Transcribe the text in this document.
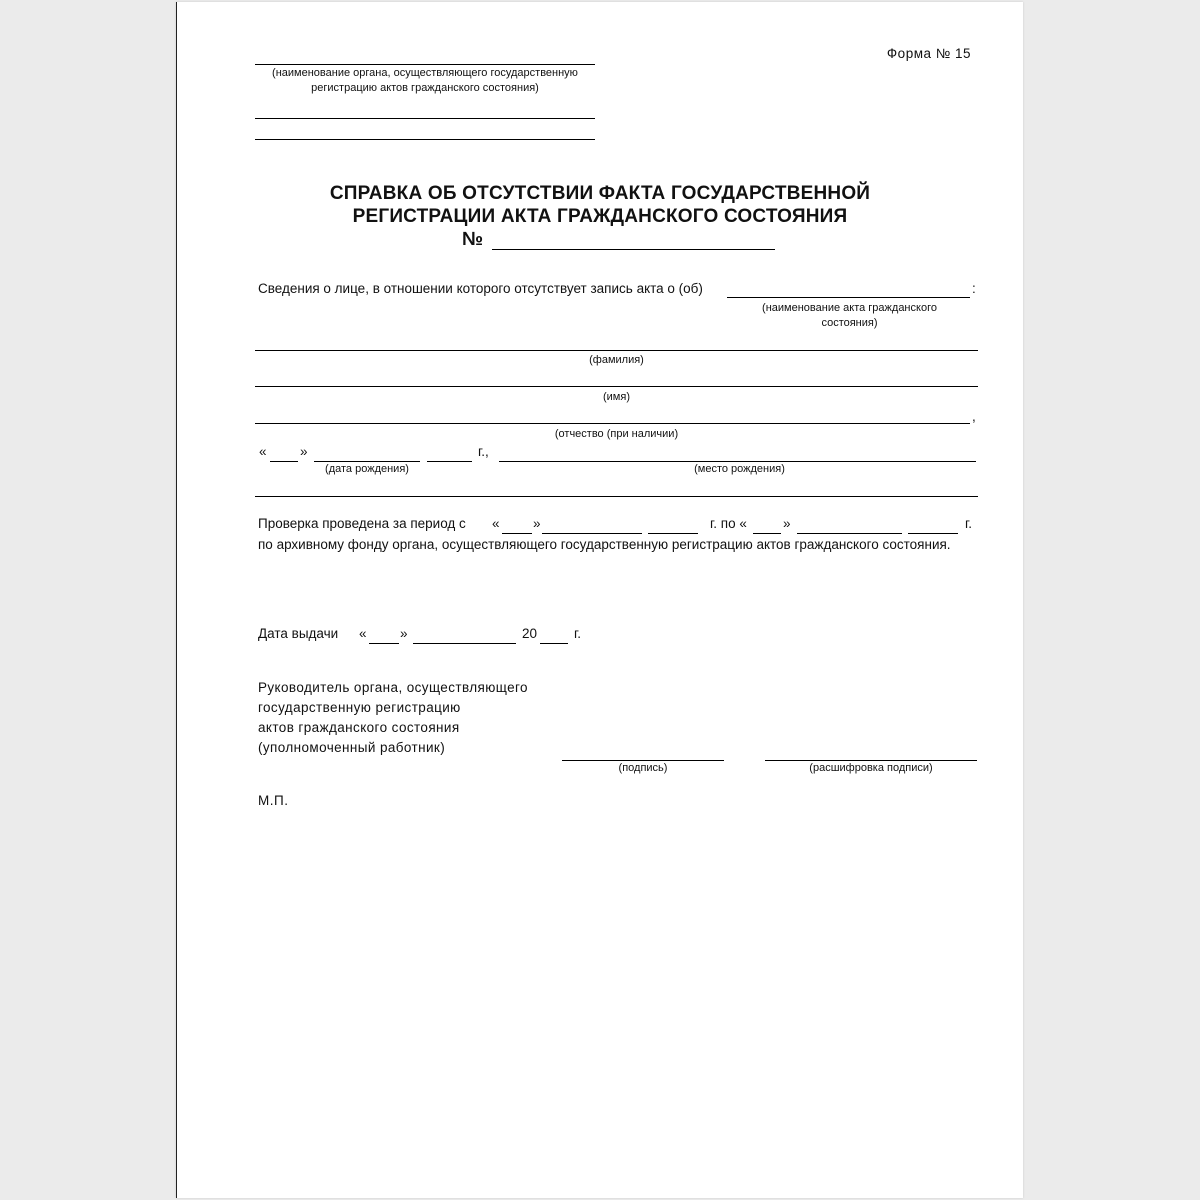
Форма № 15
(наименование органа, осуществляющего государственную
регистрацию актов гражданского состояния)
СПРАВКА ОБ ОТСУТСТВИИ ФАКТА ГОСУДАРСТВЕННОЙ
РЕГИСТРАЦИИ АКТА ГРАЖДАНСКОГО СОСТОЯНИЯ
№
Сведения о лице, в отношении которого отсутствует запись акта о (об)	:
(наименование акта гражданского
состояния)
(фамилия)
(имя)
,
(отчество (при наличии)
« »	г.,
(дата рождения)	(место рождения)
Проверка проведена за период с « »	г. по «	»	г.
по архивному фонду органа, осуществляющего государственную регистрацию актов гражданского состояния.
Дата выдачи « »	20	г.
Руководитель органа, осуществляющего
государственную регистрацию
актов гражданского состояния
(уполномоченный работник)
(подпись)	(расшифровка подписи)
М.П.
